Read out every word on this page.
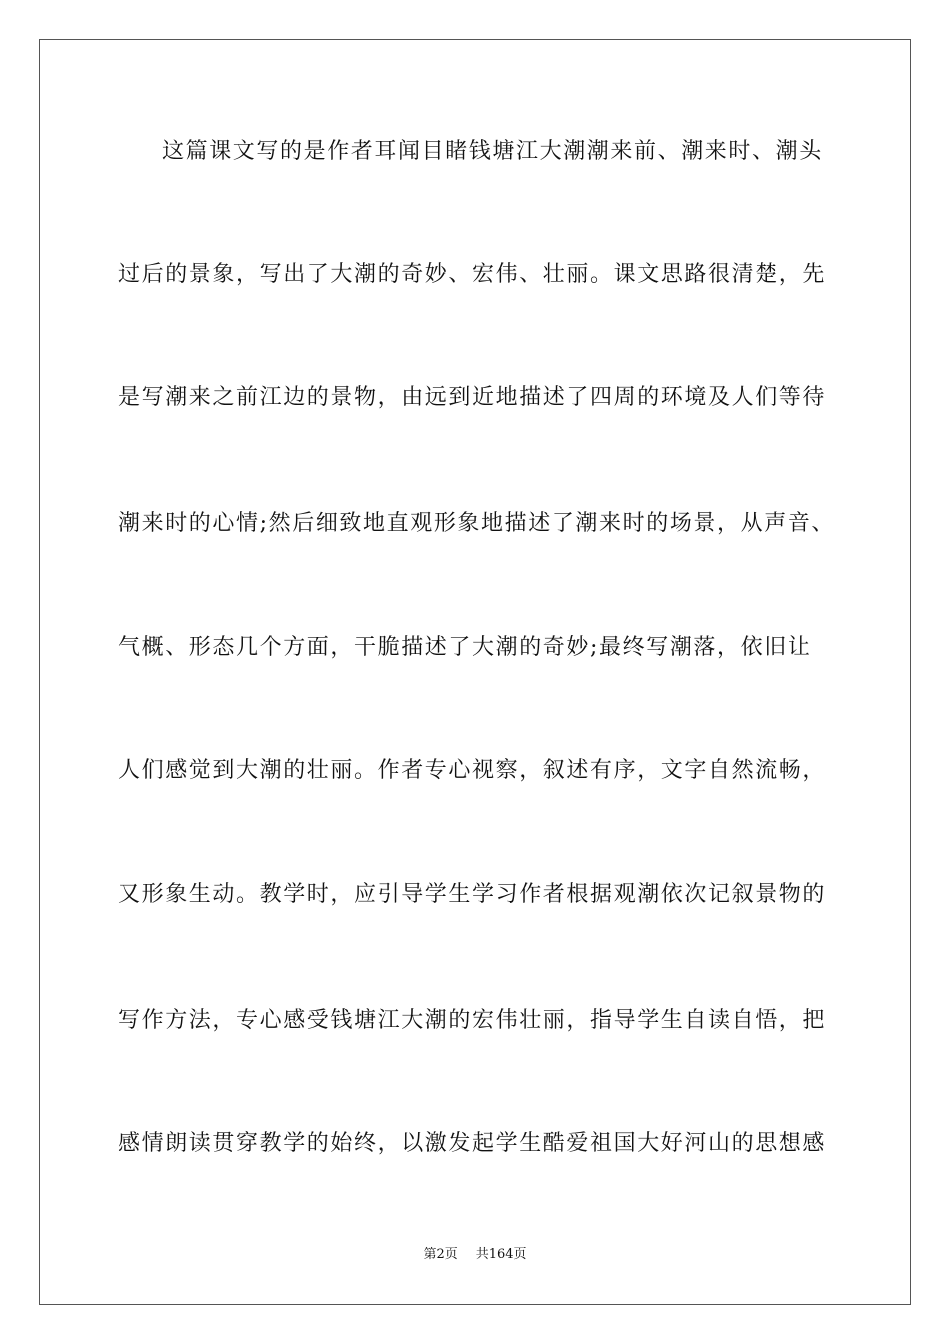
这篇课文写的是作者耳闻目睹钱塘江大潮潮来前、潮来时、潮头
过后的景象，写出了大潮的奇妙、宏伟、壮丽。课文思路很清楚，先
是写潮来之前江边的景物，由远到近地描述了四周的环境及人们等待
潮来时的心情;然后细致地直观形象地描述了潮来时的场景，从声音、
气概、形态几个方面，干脆描述了大潮的奇妙;最终写潮落，依旧让
人们感觉到大潮的壮丽。作者专心视察，叙述有序，文字自然流畅，
又形象生动。教学时，应引导学生学习作者根据观潮依次记叙景物的
写作方法，专心感受钱塘江大潮的宏伟壮丽，指导学生自读自悟，把
感情朗读贯穿教学的始终，以激发起学生酷爱祖国大好河山的思想感
第2页 共164页
